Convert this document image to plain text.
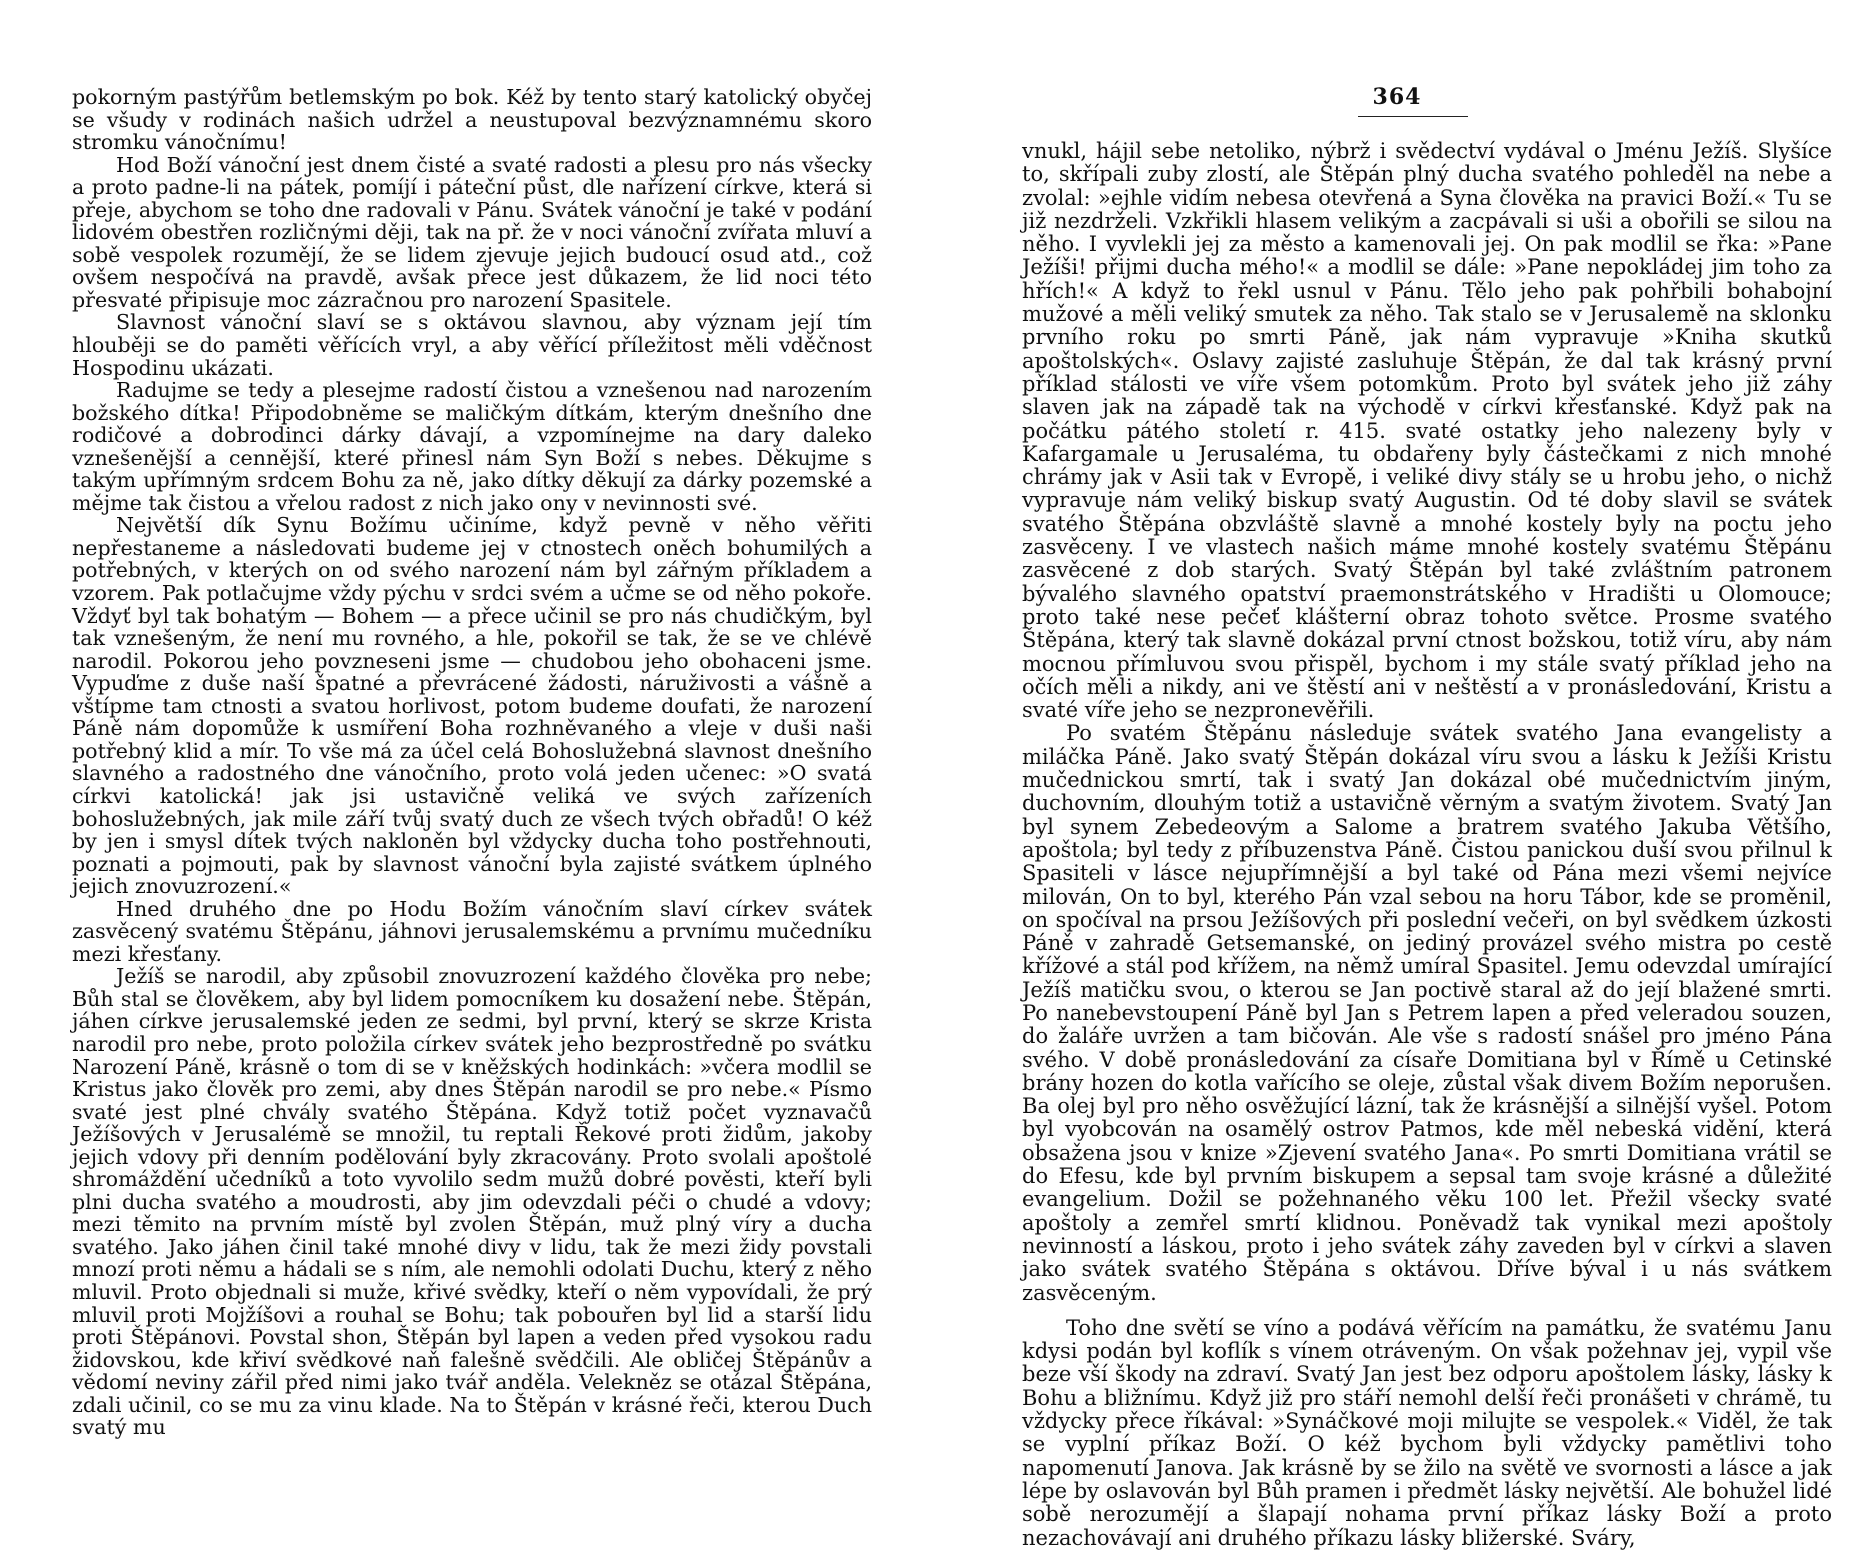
pokorným pastýřům betlemským po bok. Kéž by tento starý katolický obyčej se všudy v rodinách našich udržel a neustupoval bezvýznamnému skoro stromku vánočnímu!

Hod Boží vánoční jest dnem čisté a svaté radosti a plesu pro nás všecky a proto padne-li na pátek, pomíjí i páteční půst, dle nařízení církve, která si přeje, abychom se toho dne radovali v Pánu. Svátek vánoční je také v podání lidovém obestřen rozličnými ději, tak na př. že v noci vánoční zvířata mluví a sobě vespolek rozumějí, že se lidem zjevuje jejich budoucí osud atd., což ovšem nespočívá na pravdě, avšak přece jest důkazem, že lid noci této přesvaté připisuje moc zázračnou pro narození Spasitele.

Slavnost vánoční slaví se s oktávou slavnou, aby význam její tím hlouběji se do paměti věřících vryl, a aby věřící příležitost měli vděčnost Hospodinu ukázati.

Radujme se tedy a plesejme radostí čistou a vznešenou nad narozením božského dítka! Připodobněme se maličkým dítkám, kterým dnešního dne rodičové a dobrodinci dárky dávají, a vzpomínejme na dary daleko vznešenější a cennější, které přinesl nám Syn Boží s nebes. Děkujme s takým upřímným srdcem Bohu za ně, jako dítky děkují za dárky pozemské a mějme tak čistou a vřelou radost z nich jako ony v nevinnosti své.

Největší dík Synu Božímu učiníme, když pevně v něho věřiti nepřestaneme a následovati budeme jej v ctnostech oněch bohumilých a potřebných, v kterých on od svého narození nám byl zářným příkladem a vzorem. Pak potlačujme vždy pýchu v srdci svém a učme se od něho pokoře. Vždyť byl tak bohatým — Bohem — a přece učinil se pro nás chudičkým, byl tak vznešeným, že není mu rovného, a hle, pokořil se tak, že se ve chlévě narodil. Pokorou jeho povzneseni jsme — chudobou jeho obohaceni jsme. Vypuďme z duše naší špatné a převrácené žádosti, náruživosti a vášně a vštípme tam ctnosti a svatou horlivost, potom budeme doufati, že narození Páně nám dopomůže k usmíření Boha rozhněvaného a vleje v duši naši potřebný klid a mír. To vše má za účel celá Bohoslužebná slavnost dnešního slavného a radostného dne vánočního, proto volá jeden učenec: »O svatá církvi katolická! jak jsi ustavičně veliká ve svých zařízeních bohoslužebných, jak mile září tvůj svatý duch ze všech tvých obřadů! O kéž by jen i smysl dítek tvých nakloněn byl vždycky ducha toho postřehnouti, poznati a pojmouti, pak by slavnost vánoční byla zajisté svátkem úplného jejich znovuzrození.«

Hned druhého dne po Hodu Božím vánočním slaví církev svátek zasvěcený svatému Štěpánu, jáhnovi jerusalemskému a prvnímu mučedníku mezi křesťany.

Ježíš se narodil, aby způsobil znovuzrození každého člověka pro nebe; Bůh stal se člověkem, aby byl lidem pomocníkem ku dosažení nebe. Štěpán, jáhen církve jerusalemské jeden ze sedmi, byl první, který se skrze Krista narodil pro nebe, proto položila církev svátek jeho bezprostředně po svátku Narození Páně, krásně o tom di se v kněžských hodinkách: »včera modlil se Kristus jako člověk pro zemi, aby dnes Štěpán narodil se pro nebe.« Písmo svaté jest plné chvály svatého Štěpána. Když totiž počet vyznavačů Ježíšových v Jerusalémě se množil, tu reptali Řekové proti židům, jakoby jejich vdovy při denním podělování byly zkracovány. Proto svolali apoštolé shromáždění učedníků a toto vyvolilo sedm mužů dobré pověsti, kteří byli plni ducha svatého a moudrosti, aby jim odevzdali péči o chudé a vdovy; mezi těmito na prvním místě byl zvolen Štěpán, muž plný víry a ducha svatého. Jako jáhen činil také mnohé divy v lidu, tak že mezi židy povstali mnozí proti němu a hádali se s ním, ale nemohli odolati Duchu, který z něho mluvil. Proto objednali si muže, křivé svědky, kteří o něm vypovídali, že prý mluvil proti Mojžíšovi a rouhal se Bohu; tak pobouřen byl lid a starší lidu proti Štěpánovi. Povstal shon, Štěpán byl lapen a veden před vysokou radu židovskou, kde křiví svědkové naň falešně svědčili. Ale obličej Štěpánův a vědomí neviny zářil před nimi jako tvář anděla. Velekněz se otázal Štěpána, zdali učinil, co se mu za vinu klade. Na to Štěpán v krásné řeči, kterou Duch svatý mu

364

vnukl, hájil sebe netoliko, nýbrž i svědectví vydával o Jménu Ježíš. Slyšíce to, skřípali zuby zlostí, ale Štěpán plný ducha svatého pohleděl na nebe a zvolal: »ejhle vidím nebesa otevřená a Syna člověka na pravici Boží.« Tu se již nezdrželi. Vzkřikli hlasem velikým a zacpávali si uši a obořili se silou na něho. I vyvlekli jej za město a kamenovali jej. On pak modlil se řka: »Pane Ježíši! přijmi ducha mého!« a modlil se dále: »Pane nepokládej jim toho za hřích!« A když to řekl usnul v Pánu. Tělo jeho pak pohřbili bohabojní mužové a měli veliký smutek za něho. Tak stalo se v Jerusalemě na sklonku prvního roku po smrti Páně, jak nám vypravuje »Kniha skutků apoštolských«. Oslavy zajisté zasluhuje Štěpán, že dal tak krásný první příklad stálosti ve víře všem potomkům. Proto byl svátek jeho již záhy slaven jak na západě tak na východě v církvi křesťanské. Když pak na počátku pátého století r. 415. svaté ostatky jeho nalezeny byly v Kafargamale u Jerusaléma, tu obdařeny byly částečkami z nich mnohé chrámy jak v Asii tak v Evropě, i veliké divy stály se u hrobu jeho, o nichž vypravuje nám veliký biskup svatý Augustin. Od té doby slavil se svátek svatého Štěpána obzvláště slavně a mnohé kostely byly na poctu jeho zasvěceny. I ve vlastech našich máme mnohé kostely svatému Štěpánu zasvěcené z dob starých. Svatý Štěpán byl také zvláštním patronem bývalého slavného opatství praemonstrátského v Hradišti u Olomouce; proto také nese pečeť klášterní obraz tohoto světce. Prosme svatého Štěpána, který tak slavně dokázal první ctnost božskou, totiž víru, aby nám mocnou přímluvou svou přispěl, bychom i my stále svatý příklad jeho na očích měli a nikdy, ani ve štěstí ani v neštěstí a v pronásledování, Kristu a svaté víře jeho se nezpronevěřili.

Po svatém Štěpánu následuje svátek svatého Jana evangelisty a miláčka Páně. Jako svatý Štěpán dokázal víru svou a lásku k Ježíši Kristu mučednickou smrtí, tak i svatý Jan dokázal obé mučednictvím jiným, duchovním, dlouhým totiž a ustavičně věrným a svatým životem. Svatý Jan byl synem Zebedeovým a Salome a bratrem svatého Jakuba Většího, apoštola; byl tedy z příbuzenstva Páně. Čistou panickou duší svou přilnul k Spasiteli v lásce nejupřímnější a byl také od Pána mezi všemi nejvíce milován, On to byl, kterého Pán vzal sebou na horu Tábor, kde se proměnil, on spočíval na prsou Ježíšových při poslední večeři, on byl svědkem úzkosti Páně v zahradě Getsemanské, on jediný provázel svého mistra po cestě křížové a stál pod křížem, na němž umíral Spasitel. Jemu odevzdal umírající Ježíš matičku svou, o kterou se Jan poctivě staral až do její blažené smrti. Po nanebevstoupení Páně byl Jan s Petrem lapen a před veleradou souzen, do žaláře uvržen a tam bičován. Ale vše s radostí snášel pro jméno Pána svého. V době pronásledování za císaře Domitiana byl v Římě u Cetinské brány hozen do kotla vařícího se oleje, zůstal však divem Božím neporušen. Ba olej byl pro něho osvěžující lázní, tak že krásnější a silnější vyšel. Potom byl vyobcován na osamělý ostrov Patmos, kde měl nebeská vidění, která obsažena jsou v knize »Zjevení svatého Jana«. Po smrti Domitiana vrátil se do Efesu, kde byl prvním biskupem a sepsal tam svoje krásné a důležité evangelium. Dožil se požehnaného věku 100 let. Přežil všecky svaté apoštoly a zemřel smrtí klidnou. Poněvadž tak vynikal mezi apoštoly nevinností a láskou, proto i jeho svátek záhy zaveden byl v církvi a slaven jako svátek svatého Štěpána s oktávou. Dříve býval i u nás svátkem zasvěceným.

Toho dne světí se víno a podává věřícím na památku, že svatému Janu kdysi podán byl koflík s vínem otráveným. On však požehnav jej, vypil vše beze vší škody na zdraví. Svatý Jan jest bez odporu apoštolem lásky, lásky k Bohu a bližnímu. Když již pro stáří nemohl delší řeči pronášeti v chrámě, tu vždycky přece říkával: »Synáčkové moji milujte se vespolek.« Viděl, že tak se vyplní příkaz Boží. O kéž bychom byli vždycky pamětlivi toho napomenutí Janova. Jak krásně by se žilo na světě ve svornosti a lásce a jak lépe by oslavován byl Bůh pramen i předmět lásky největší. Ale bohužel lidé sobě nerozumějí a šlapají nohama první příkaz lásky Boží a proto nezachovávají ani druhého příkazu lásky bližerské. Sváry,
